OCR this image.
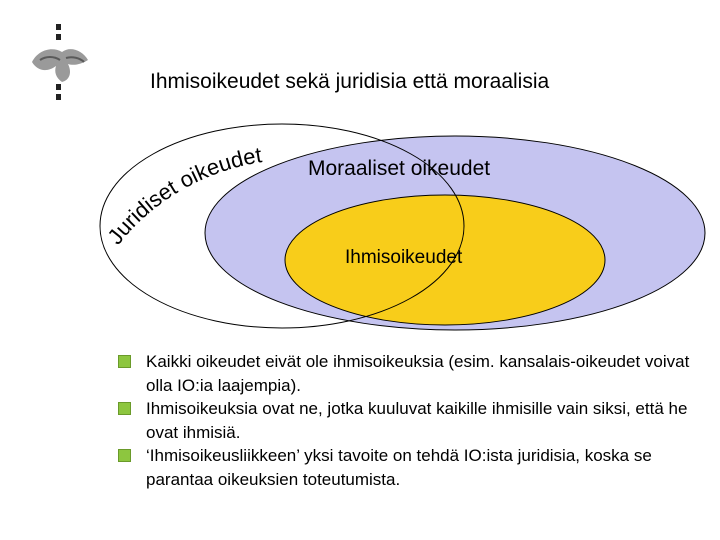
Ihmisoikeudet sekä juridisia että moraalisia
Juridiset oikeudet
Moraaliset oikeudet
Ihmisoikeudet
Kaikki oikeudet eivät ole ihmisoikeuksia (esim. kansalais-oikeudet voivat olla IO:ia laajempia).
Ihmisoikeuksia ovat ne, jotka kuuluvat kaikille ihmisille vain siksi, että he ovat ihmisiä.
‘Ihmisoikeusliikkeen’ yksi tavoite on tehdä IO:ista juridisia, koska se parantaa oikeuksien toteutumista.
